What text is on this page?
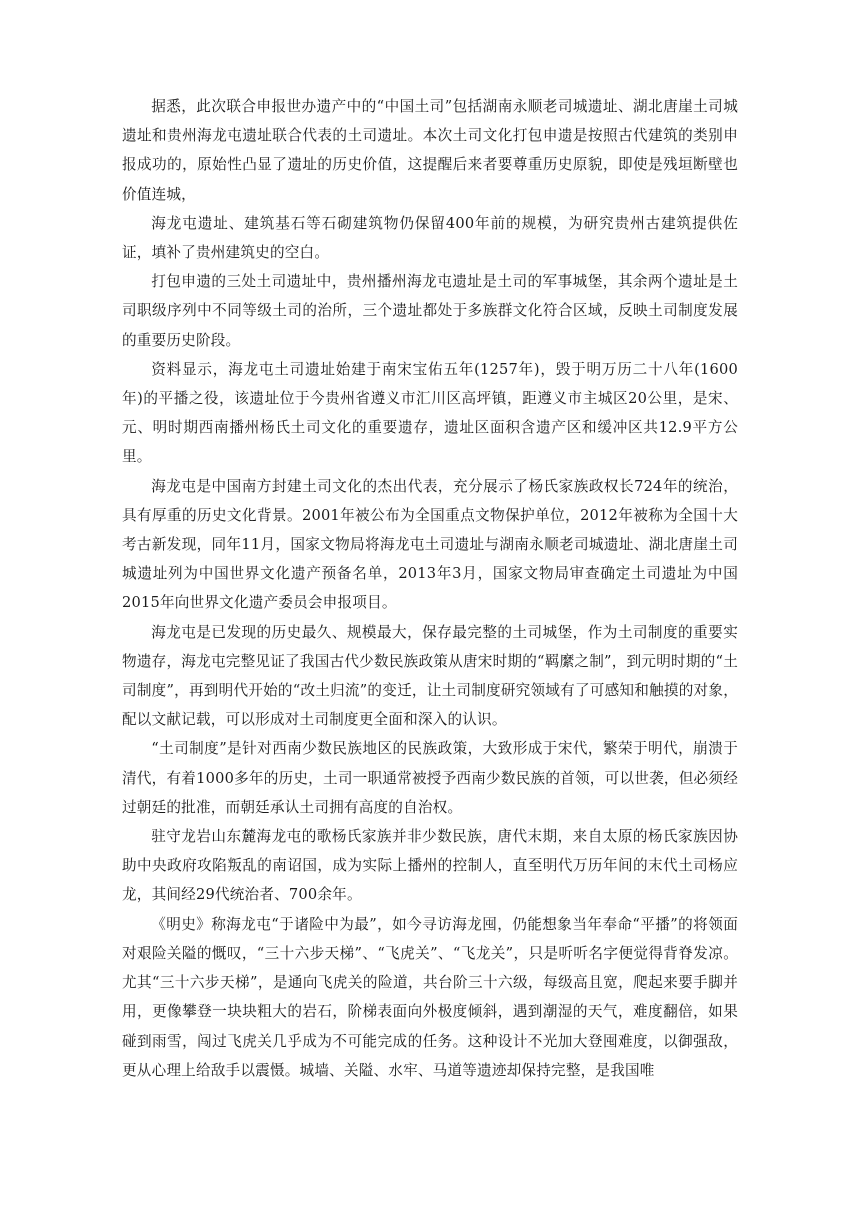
据悉，此次联合申报世办遗产中的“中国土司”包括湖南永顺老司城遗址、湖北唐崖土司城遗址和贵州海龙屯遗址联合代表的土司遗址。本次土司文化打包申遗是按照古代建筑的类别申报成功的，原始性凸显了遗址的历史价值，这提醒后来者要尊重历史原貌，即使是残垣断壁也价值连城，

海龙屯遗址、建筑基石等石砌建筑物仍保留400年前的规模，为研究贵州古建筑提供佐证，填补了贵州建筑史的空白。

打包申遗的三处土司遗址中，贵州播州海龙屯遗址是土司的军事城堡，其余两个遗址是土司职级序列中不同等级土司的治所，三个遗址都处于多族群文化符合区域，反映土司制度发展的重要历史阶段。

资料显示，海龙屯土司遗址始建于南宋宝佑五年(1257年)，毁于明万历二十八年(1600年)的平播之役，该遗址位于今贵州省遵义市汇川区高坪镇，距遵义市主城区20公里，是宋、元、明时期西南播州杨氏土司文化的重要遗存，遗址区面积含遗产区和缓冲区共12.9平方公里。

海龙屯是中国南方封建土司文化的杰出代表，充分展示了杨氏家族政权长724年的统治，具有厚重的历史文化背景。2001年被公布为全国重点文物保护单位，2012年被称为全国十大考古新发现，同年11月，国家文物局将海龙屯土司遗址与湖南永顺老司城遗址、湖北唐崖土司城遗址列为中国世界文化遗产预备名单，2013年3月，国家文物局审查确定土司遗址为中国2015年向世界文化遗产委员会申报项目。

海龙屯是已发现的历史最久、规模最大，保存最完整的土司城堡，作为土司制度的重要实物遗存，海龙屯完整见证了我国古代少数民族政策从唐宋时期的“羁縻之制”，到元明时期的“土司制度”，再到明代开始的“改土归流”的变迁，让土司制度研究领域有了可感知和触摸的对象，配以文献记载，可以形成对土司制度更全面和深入的认识。

“土司制度”是针对西南少数民族地区的民族政策，大致形成于宋代，繁荣于明代，崩溃于清代，有着1000多年的历史，土司一职通常被授予西南少数民族的首领，可以世袭，但必须经过朝廷的批准，而朝廷承认土司拥有高度的自治权。

驻守龙岩山东麓海龙屯的歌杨氏家族并非少数民族，唐代末期，来自太原的杨氏家族因协助中央政府攻陷叛乱的南诏国，成为实际上播州的控制人，直至明代万历年间的末代土司杨应龙，其间经29代统治者、700余年。

《明史》称海龙屯“于诸险中为最”，如今寻访海龙囤，仍能想象当年奉命“平播”的将领面对艰险关隘的慨叹，“三十六步天梯”、“飞虎关”、“飞龙关”，只是听听名字便觉得背脊发凉。尤其“三十六步天梯”，是通向飞虎关的险道，共台阶三十六级，每级高且宽，爬起来要手脚并用，更像攀登一块块粗大的岩石，阶梯表面向外极度倾斜，遇到潮湿的天气，难度翻倍，如果碰到雨雪，闯过飞虎关几乎成为不可能完成的任务。这种设计不光加大登囤难度，以御强敌，更从心理上给敌手以震慑。城墙、关隘、水牢、马道等遗迹却保持完整，是我国唯
